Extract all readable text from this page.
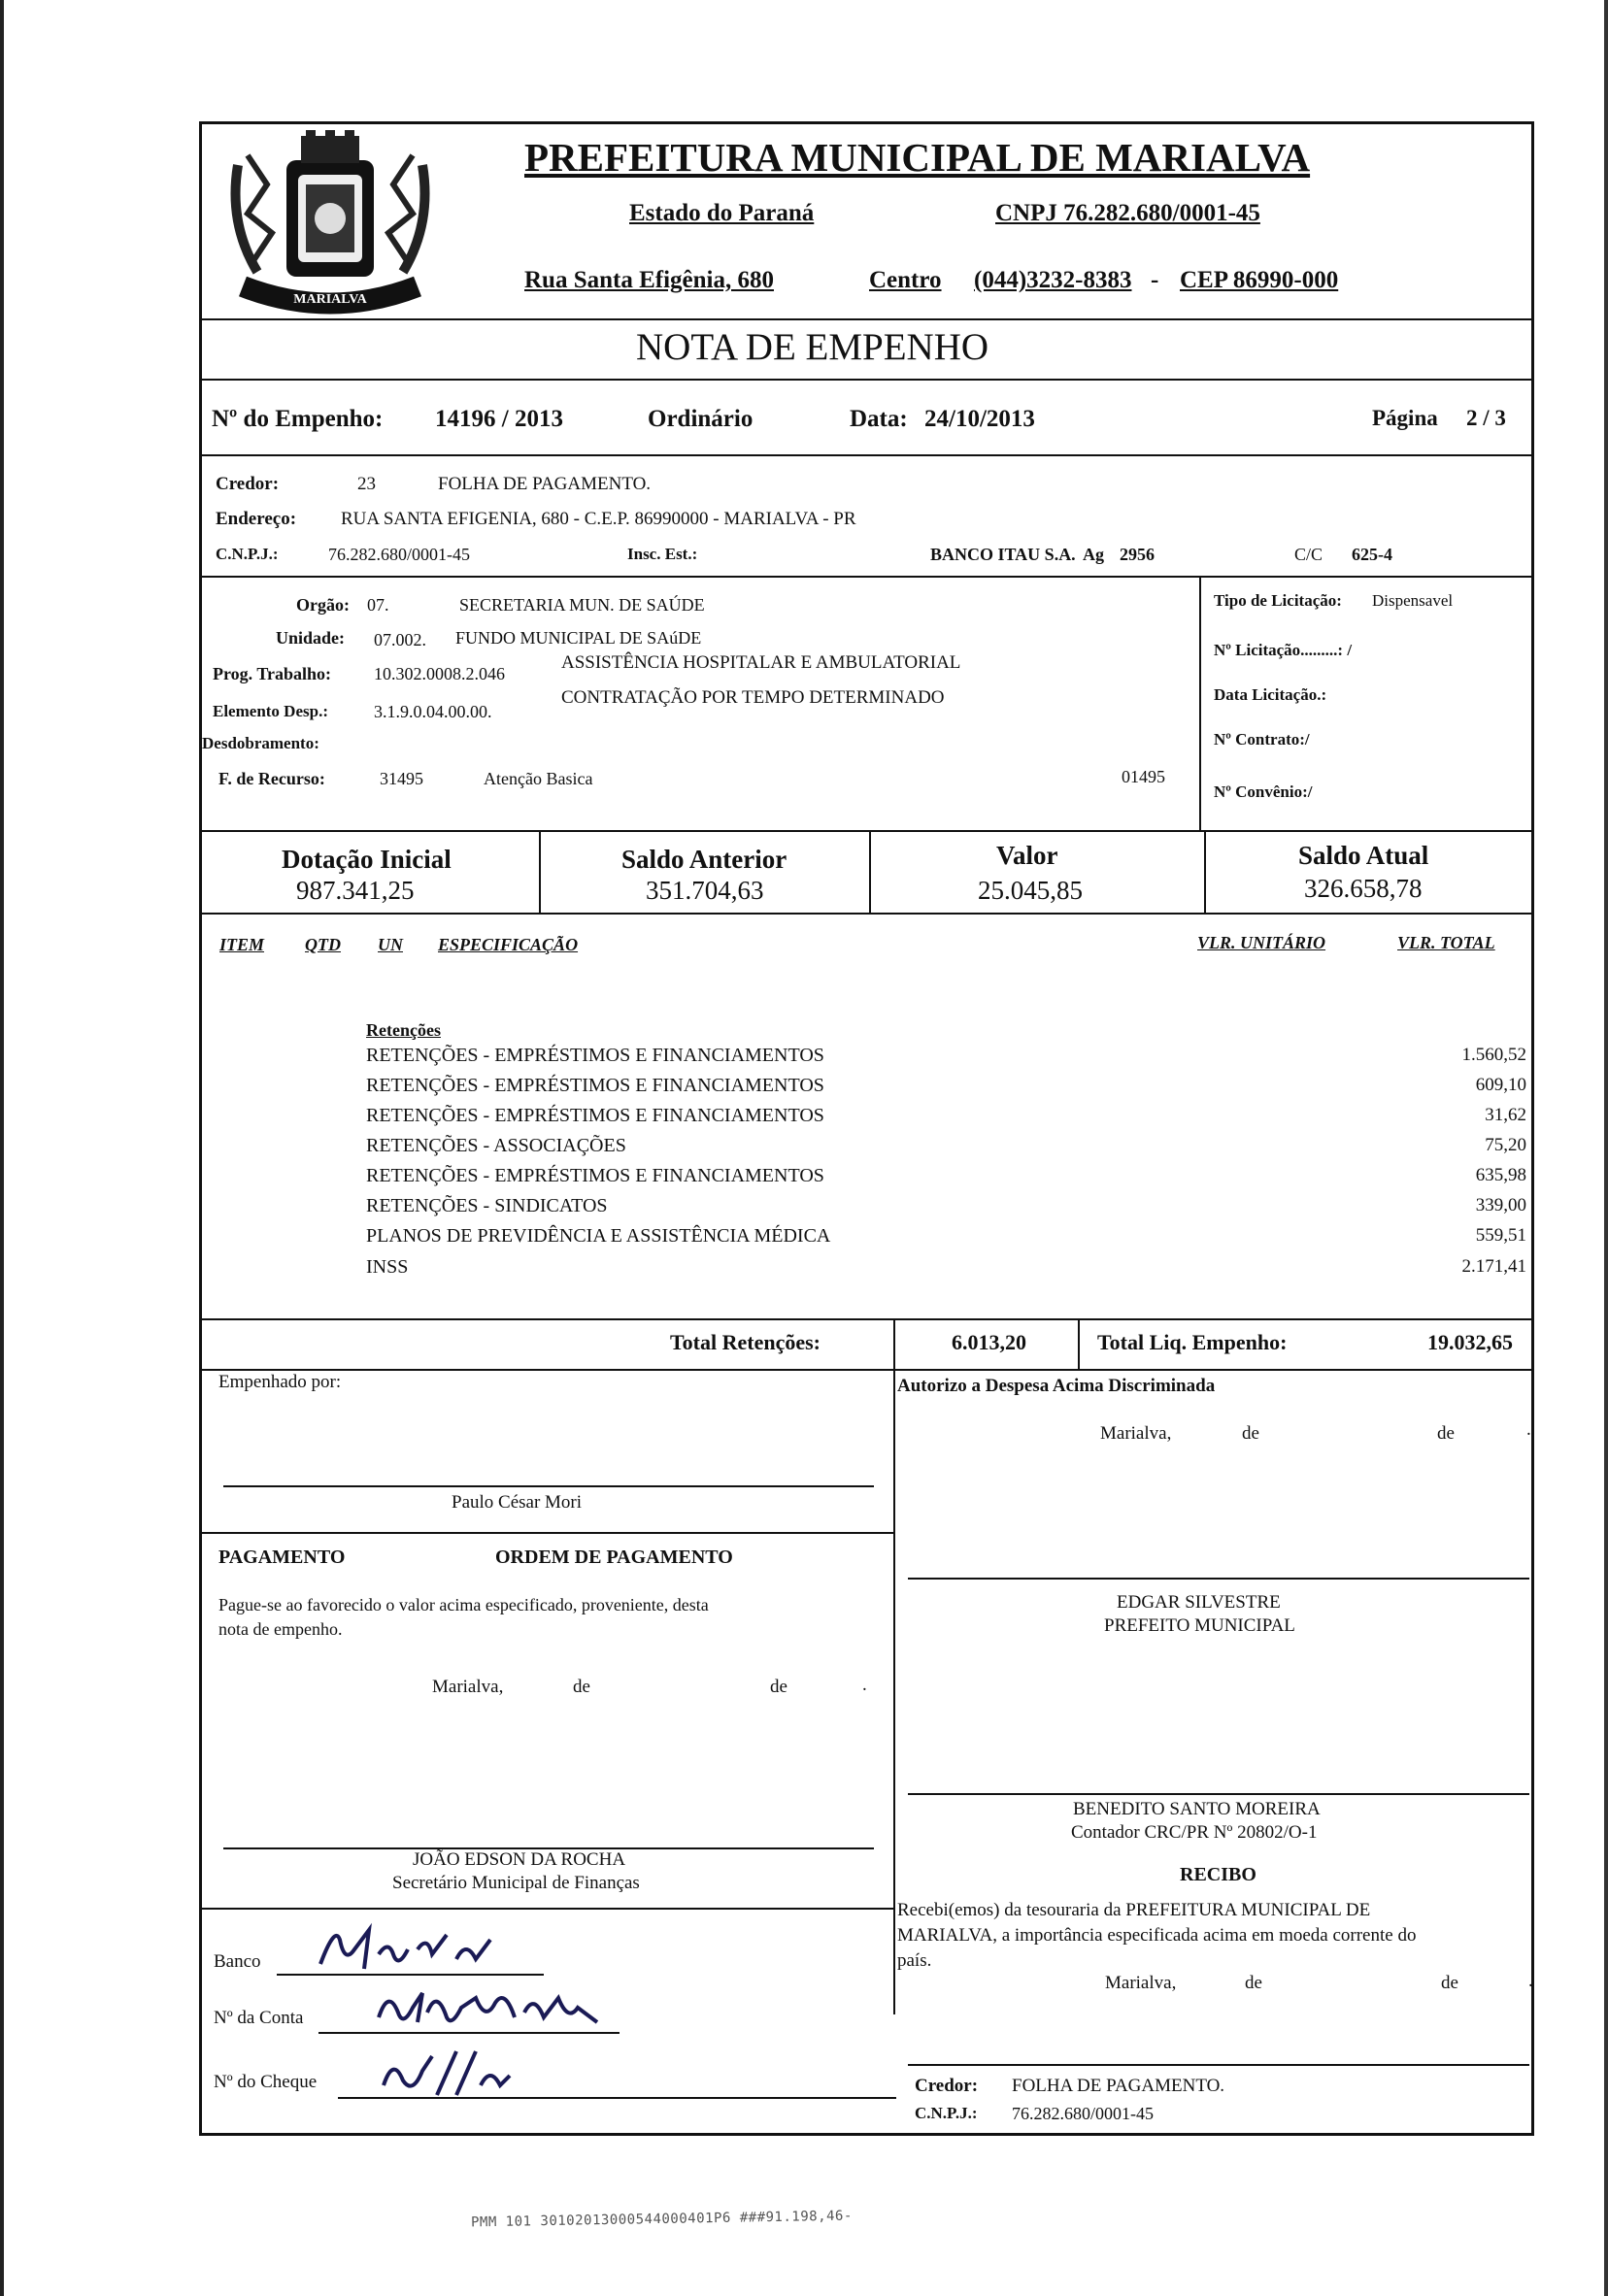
MARIALVA
PREFEITURA MUNICIPAL DE MARIALVA
Estado do Paraná	CNPJ 76.282.680/0001-45
Rua Santa Efigênia, 680	Centro (044)3232-8383 - CEP 86990-000
NOTA DE EMPENHO
Nº do Empenho: 14196 / 2013	Ordinário	Data: 24/10/2013	Página 2 / 3
Credor:	23	FOLHA DE PAGAMENTO.
Endereço: RUA SANTA EFIGENIA, 680 - C.E.P. 86990000 - MARIALVA - PR
C.N.P.J.:	76.282.680/0001-45	Insc. Est.:	BANCO ITAU S.A. Ag 2956	C/C 625-4
Orgão: 07.	SECRETARIA MUN. DE SAÚDE
Unidade: 07.002. FUNDO MUNICIPAL DE SAúDE
Prog. Trabalho: 10.302.0008.2.046
ASSISTÊNCIA HOSPITALAR E AMBULATORIAL
CONTRATAÇÃO POR TEMPO DETERMINADO
Elemento Desp.:	3.1.9.0.04.00.00.
Desdobramento:
F. de Recurso:	31495	Atenção Basica	01495
Tipo de Licitação: Dispensavel
Nº Licitação.........: /
Data Licitação.:
Nº Contrato:/
Nº Convênio:/
Dotação Inicial
987.341,25
Saldo Anterior
351.704,63
Valor
25.045,85
Saldo Atual
326.658,78
ITEM QTD UN ESPECIFICAÇÃO	VLR. UNITÁRIO	VLR. TOTAL
Retenções
RETENÇÕES - EMPRÉSTIMOS E FINANCIAMENTOS	1.560,52
RETENÇÕES - EMPRÉSTIMOS E FINANCIAMENTOS	609,10
RETENÇÕES - EMPRÉSTIMOS E FINANCIAMENTOS	31,62
RETENÇÕES - ASSOCIAÇÕES	75,20
RETENÇÕES - EMPRÉSTIMOS E FINANCIAMENTOS	635,98
RETENÇÕES - SINDICATOS	339,00
PLANOS DE PREVIDÊNCIA E ASSISTÊNCIA MÉDICA	559,51
INSS	2.171,41
Total Retenções:	6.013,20	Total Liq. Empenho:	19.032,65
Empenhado por:
Paulo César Mori
Autorizo a Despesa Acima Discriminada
Marialva,	de	de	.
PAGAMENTO	ORDEM DE PAGAMENTO
Pague-se ao favorecido o valor acima especificado, proveniente, desta
nota de empenho.
Marialva,	de	de	.
EDGAR SILVESTRE
PREFEITO MUNICIPAL
BENEDITO SANTO MOREIRA
Contador CRC/PR Nº 20802/O-1
JOÃO EDSON DA ROCHA
Secretário Municipal de Finanças	RECIBO
Recebi(emos) da tesouraria da PREFEITURA MUNICIPAL DE
MARIALVA, a importância especificada acima em moeda corrente do
país.
Marialva,	de	de	.
Banco
Nº da Conta
Nº do Cheque
341-8Q
62/6038-2
96//12
Credor: FOLHA DE PAGAMENTO.
C.N.P.J.: 76.282.680/0001-45
PMM 101 30102013000544000401P6 ###91.198,46-
